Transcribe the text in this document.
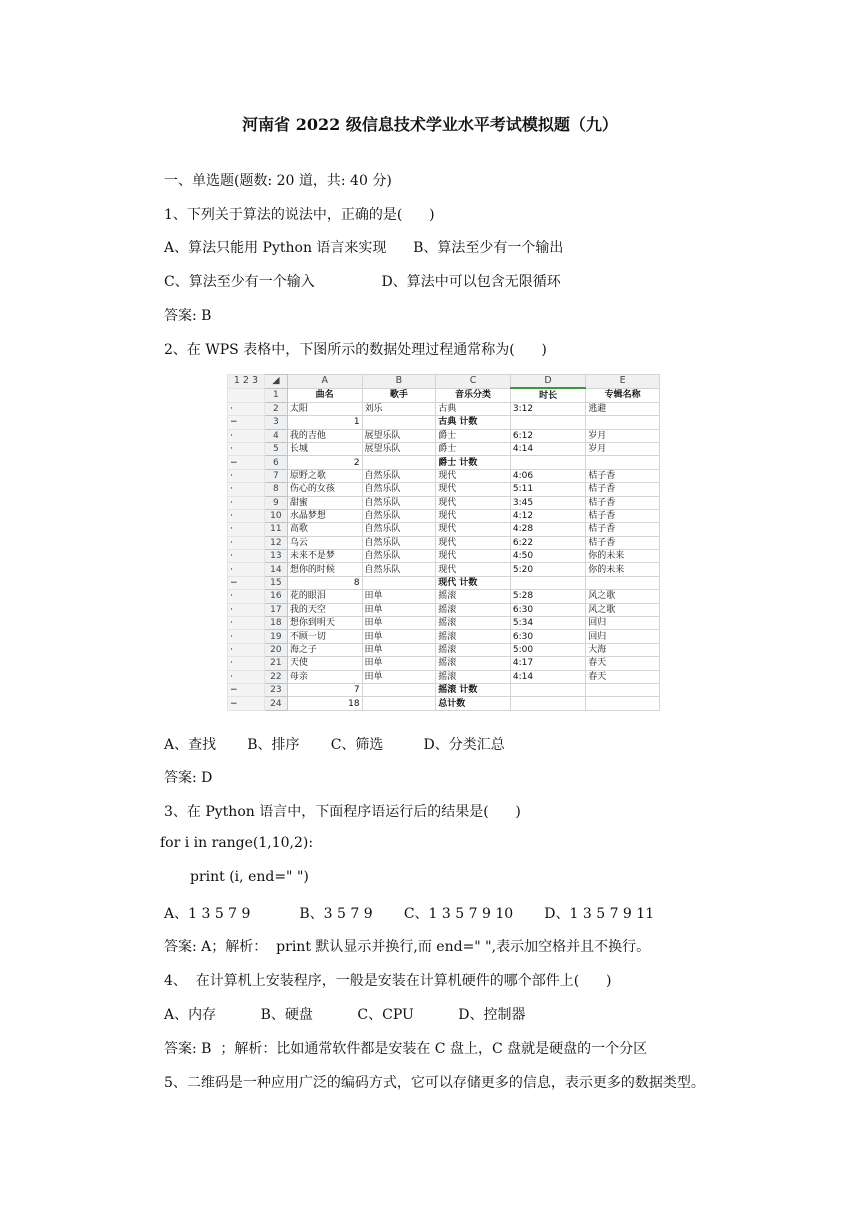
河南省 2022 级信息技术学业水平考试模拟题（九）
一、单选题(题数: 20 道，共: 40 分)
1、下列关于算法的说法中，正确的是(      )
A、算法只能用 Python 语言来实现      B、算法至少有一个输出
C、算法至少有一个输入               D、算法中可以包含无限循环
答案: B
2、在 WPS 表格中，下图所示的数据处理过程通常称为(      )
1 2 3	◢	A	B	C	D	E
	1	曲名	歌手	音乐分类	时长	专辑名称
·	2	太阳	刘乐	古典	3:12	逃避
−	3	1		古典 计数		
·	4	我的吉他	展望乐队	爵士	6:12	岁月
·	5	长城	展望乐队	爵士	4:14	岁月
−	6	2		爵士 计数		
·	7	原野之歌	自然乐队	现代	4:06	桔子香
·	8	伤心的女孩	自然乐队	现代	5:11	桔子香
·	9	甜蜜	自然乐队	现代	3:45	桔子香
·	10	水晶梦想	自然乐队	现代	4:12	桔子香
·	11	高歌	自然乐队	现代	4:28	桔子香
·	12	乌云	自然乐队	现代	6:22	桔子香
·	13	未来不是梦	自然乐队	现代	4:50	你的未来
·	14	想你的时候	自然乐队	现代	5:20	你的未来
−	15	8		现代 计数		
·	16	花的眼泪	田单	摇滚	5:28	风之歌
·	17	我的天空	田单	摇滚	6:30	风之歌
·	18	想你到明天	田单	摇滚	5:34	回归
·	19	不顾一切	田单	摇滚	6:30	回归
·	20	海之子	田单	摇滚	5:00	大海
·	21	天使	田单	摇滚	4:17	春天
·	22	母亲	田单	摇滚	4:14	春天
−	23	7		摇滚 计数		
−	24	18		总计数		
A、查找       B、排序       C、筛选         D、分类汇总
答案: D
3、在 Python 语言中，下面程序语运行后的结果是(      )
for i in range(1,10,2):
print (i, end=" ")
A、1 3 5 7 9           B、3 5 7 9       C、1 3 5 7 9 10       D、1 3 5 7 9 11
答案: A；解析：  print 默认显示并换行,而 end=" ",表示加空格并且不换行。
4、  在计算机上安装程序，一般是安装在计算机硬件的哪个部件上(      )
A、内存          B、硬盘          C、CPU          D、控制器
答案: B  ；解析：比如通常软件都是安装在 C 盘上，C 盘就是硬盘的一个分区
5、二维码是一种应用广泛的编码方式，它可以存储更多的信息，表示更多的数据类型。
